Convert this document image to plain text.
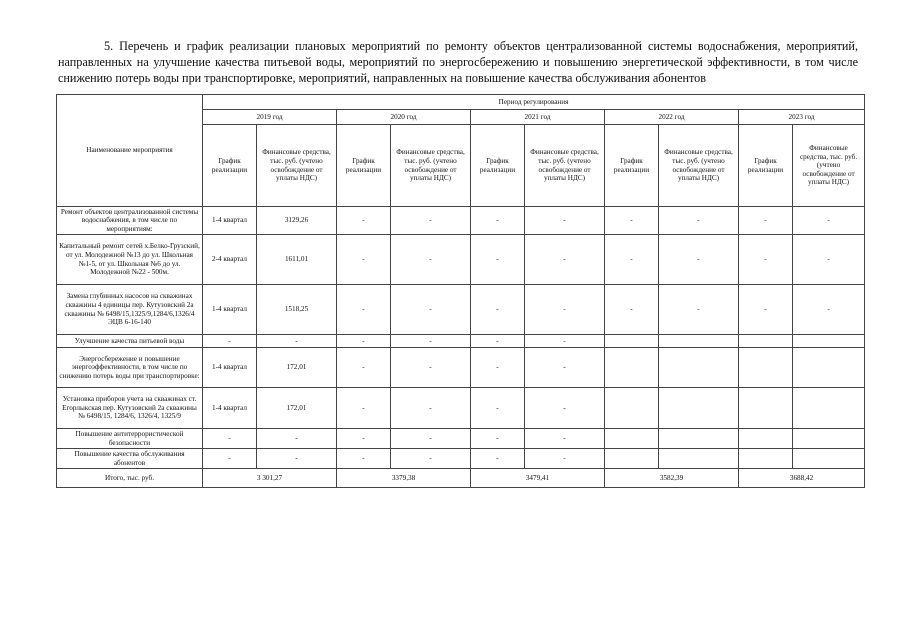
5. Перечень и график реализации плановых мероприятий по ремонту объектов централизованной системы водоснабжения, мероприятий, направленных на улучшение качества питьевой воды, мероприятий по энергосбережению и повышению энергетической эффективности, в том числе снижению потерь воды при транспортировке, мероприятий, направленных на повышение качества обслуживания абонентов
Наименование мероприятия	Период регулирования									
	2019 год		2020 год		2021 год		2022 год		2023 год	
	График реализации	Финансовые средства, тыс. руб. (учтено освобождение от уплаты НДС)	График реализации	Финансовые средства, тыс. руб. (учтено освобождение от уплаты НДС)	График реализации	Финансовые средства, тыс. руб. (учтено освобождение от уплаты НДС)	График реализации	Финансовые средства, тыс. руб. (учтено освобождение от уплаты НДС)	График реализации	Финансовые средства, тыс. руб. (учтено освобождение от уплаты НДС)
Ремонт объектов централизованной системы водоснабжения, в том числе по мероприятиям:	1-4 квартал	3129,26	-	-	-	-	-	-	-	-
Капитальный ремонт сетей х.Белко-Грузский, от ул. Молодежной №13 до ул. Школьная №1-5, от ул. Школьная №6 до ул. Молодежной №22 - 500м.	2-4 квартал	1611,01	-	-	-	-	-	-	-	-
Замена глубинных насосов на скважинах скважины 4 единицы пер. Кутузовский 2а скважины № 6498/15,1325/9,1284/6,1326/4 ЭЦВ 6-16-140	1-4 квартал	1518,25	-	-	-	-	-	-	-	-
Улучшение качества питьевой воды	-	-	-	-	-	-				
Энергосбережение и повышение энергоэффективности, в том числе по снижению потерь воды при транспортировке:	1-4 квартал	172,01	-	-	-	-				
Установка приборов учета на скважинах ст. Егорлыкская пер. Кутузовский 2а скважины № 6498/15, 1284/6, 1326/4, 1325/9	1-4 квартал	172,01	-	-	-	-				
Повышение антитеррористической безопасности	-	-	-	-	-	-				
Повышение качества обслуживания абонентов	-	-	-	-	-	-				
Итого, тыс. руб.	3 301,27		3379,38		3479,41		3582,39		3688,42	
